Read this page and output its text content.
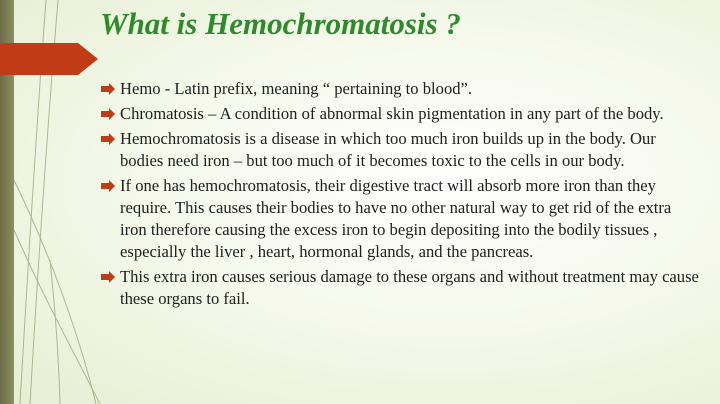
What is Hemochromatosis ?
Hemo - Latin prefix, meaning “ pertaining to blood”.
Chromatosis – A condition of abnormal skin pigmentation in any part of the body.
Hemochromatosis is a disease in which too much iron builds up in the body. Our bodies need iron – but too much of it becomes toxic to the cells in our body.
If one has hemochromatosis, their digestive tract will absorb more iron than they require. This causes their bodies to have no other natural way to get rid of the extra iron therefore causing the excess iron to begin depositing into the bodily tissues , especially the liver , heart, hormonal glands, and the pancreas.
This extra iron causes serious damage to these organs and without treatment may cause these organs to fail.
